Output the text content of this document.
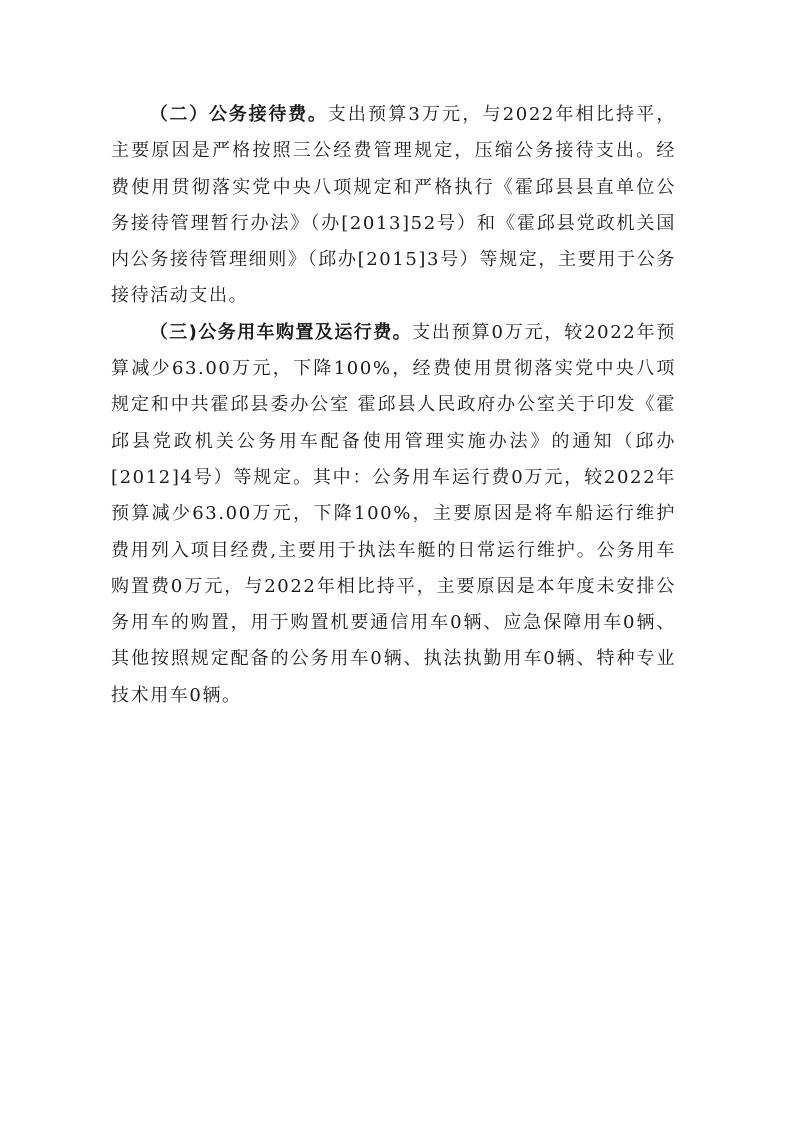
（二）公务接待费。支出预算3万元，与2022年相比持平，主要原因是严格按照三公经费管理规定，压缩公务接待支出。经费使用贯彻落实党中央八项规定和严格执行《霍邱县县直单位公务接待管理暂行办法》（办[2013]52号）和《霍邱县党政机关国内公务接待管理细则》（邱办[2015]3号）等规定，主要用于公务接待活动支出。

（三)公务用车购置及运行费。支出预算0万元，较2022年预算减少63.00万元，下降100%，经费使用贯彻落实党中央八项规定和中共霍邱县委办公室 霍邱县人民政府办公室关于印发《霍邱县党政机关公务用车配备使用管理实施办法》的通知（邱办[2012]4号）等规定。其中：公务用车运行费0万元，较2022年预算减少63.00万元，下降100%，主要原因是将车船运行维护费用列入项目经费,主要用于执法车艇的日常运行维护。公务用车购置费0万元，与2022年相比持平，主要原因是本年度未安排公务用车的购置，用于购置机要通信用车0辆、应急保障用车0辆、其他按照规定配备的公务用车0辆、执法执勤用车0辆、特种专业技术用车0辆。
